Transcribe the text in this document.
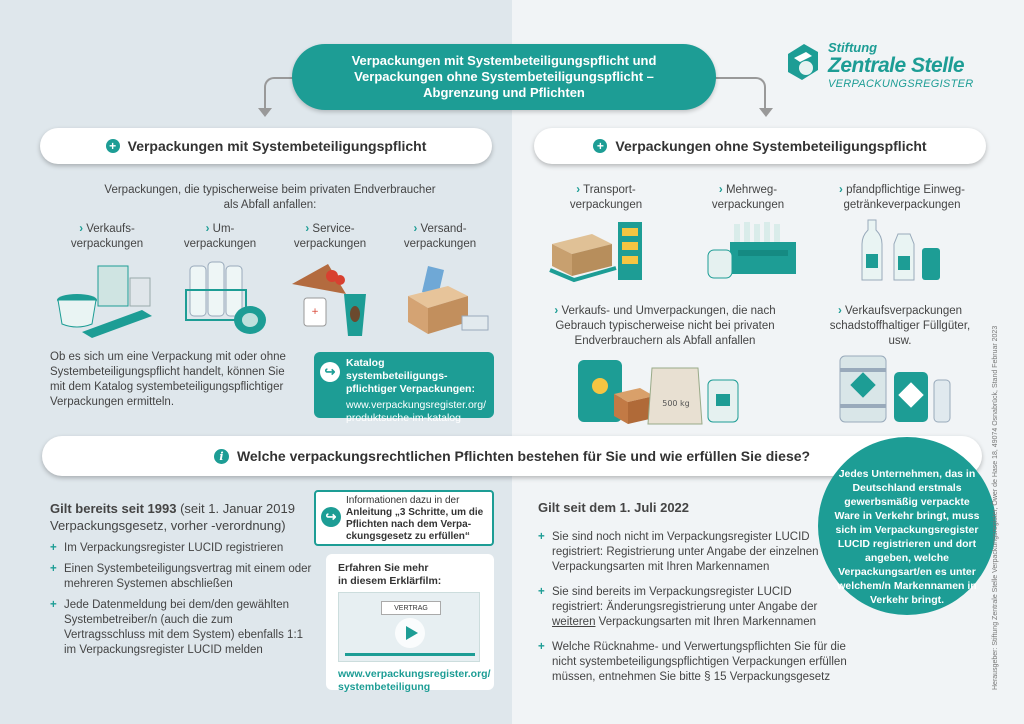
Verpackungen mit Systembeteiligungspflicht und
Verpackungen ohne Systembeteiligungspflicht –
Abgrenzung und Pflichten
Stiftung
Zentrale Stelle
VERPACKUNGSREGISTER
+ Verpackungen mit Systembeteiligungspflicht
Verpackungen, die typischerweise beim privaten Endverbraucher
als Abfall anfallen:
› Verkaufs-
verpackungen
› Um-
verpackungen
› Service-
verpackungen
› Versand-
verpackungen
+
Ob es sich um eine Verpackung mit oder ohne
Systembeteiligungspflicht handelt, können Sie
mit dem Katalog systembeteiligungspflichtiger
Verpackungen ermitteln.
↪
Katalog systembeteiligungs-
pflichtiger Verpackungen:
www.verpackungsregister.org/
produktsuche-im-katalog
+ Verpackungen ohne Systembeteiligungspflicht
› Transport-
verpackungen
› Mehrweg-
verpackungen
› pfandpflichtige Einweg-
getränkeverpackungen
› Verkaufs- und Umverpackungen, die nach
Gebrauch typischerweise nicht bei privaten
Endverbrauchern als Abfall anfallen
› Verkaufsverpackungen
schadstoffhaltiger Füllgüter,
usw.
500 kg
i Welche verpackungsrechtlichen Pflichten bestehen für Sie und wie erfüllen Sie diese?
Gilt bereits seit 1993 (seit 1. Januar 2019
Verpackungsgesetz, vorher -verordnung)
+ Im Verpackungsregister LUCID registrieren
+ Einen Systembeteiligungsvertrag mit einem oder mehreren Systemen abschließen
+ Jede Datenmeldung bei dem/den gewählten Systembetreiber/n (auch die zum Vertragsschluss mit dem System) ebenfalls 1:1 im Verpackungsregister LUCID melden
↪
Informationen dazu in der
Anleitung „3 Schritte, um die
Pflichten nach dem Verpa-
ckungsgesetz zu erfüllen“
Erfahren Sie mehr
in diesem Erklärfilm:
VERTRAG
www.verpackungsregister.org/
systembeteiligung
Gilt seit dem 1. Juli 2022
+ Sie sind noch nicht im Verpackungsregister LUCID registriert: Registrierung unter Angabe der einzelnen Verpackungsarten mit Ihren Markennamen
+ Sie sind bereits im Verpackungsregister LUCID registriert: Änderungsregistrierung unter Angabe der weiteren Verpackungsarten mit Ihren Markennamen
+ Welche Rücknahme- und Verwertungspflichten Sie für die nicht systembeteiligungspflichtigen Verpackungen erfüllen müssen, entnehmen Sie bitte § 15 Verpackungsgesetz
Jedes Unternehmen, das in Deutschland erstmals gewerbsmäßig verpackte Ware in Verkehr bringt, muss sich im Verpackungsregister LUCID registrieren und dort angeben, welche Verpackungsart/en es unter welchem/n Markennamen in Verkehr bringt.	Herausgeber: Stiftung Zentrale Stelle Verpackungsregister, Öwer de Hase 18, 49074 Osnabrück, Stand Februar 2023
